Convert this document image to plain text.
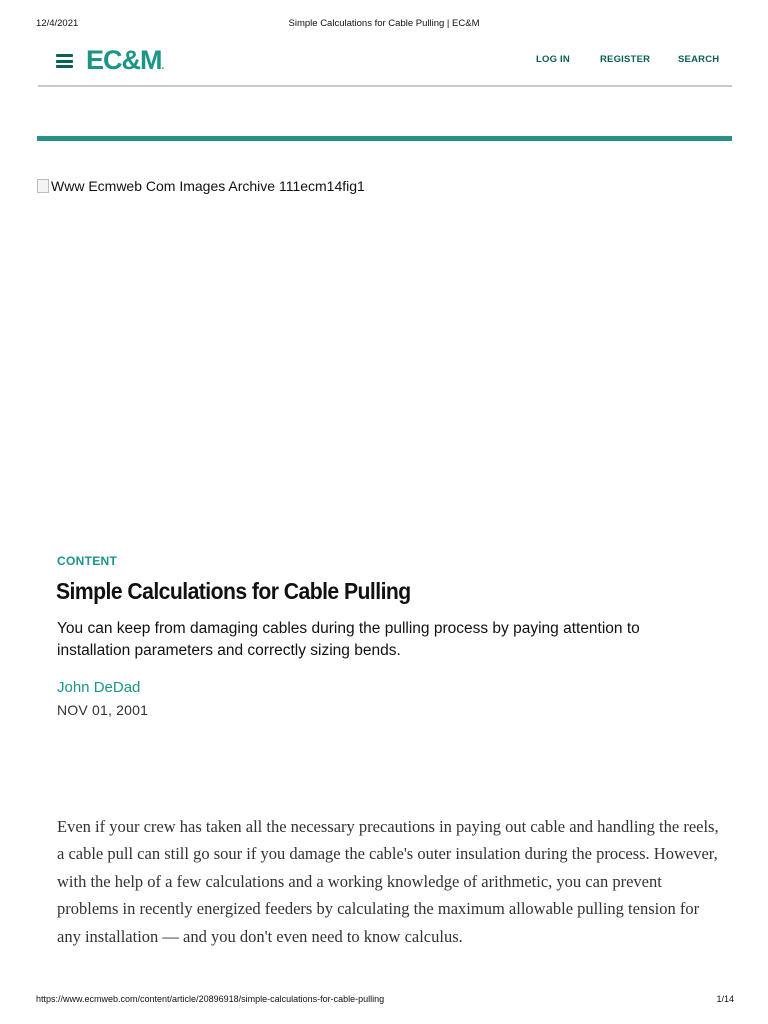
12/4/2021	Simple Calculations for Cable Pulling | EC&M
EC&M.
LOG IN	REGISTER	SEARCH
Www Ecmweb Com Images Archive 111ecm14fig1
CONTENT
Simple Calculations for Cable Pulling

You can keep from damaging cables during the pulling process by paying attention to installation parameters and correctly sizing bends.

John DeDad
NOV 01, 2001

Even if your crew has taken all the necessary precautions in paying out cable and handling the reels, a cable pull can still go sour if you damage the cable's outer insulation during the process. However, with the help of a few calculations and a working knowledge of arithmetic, you can prevent problems in recently energized feeders by calculating the maximum allowable pulling tension for any installation — and you don't even need to know calculus.

https://www.ecmweb.com/content/article/20896918/simple-calculations-for-cable-pulling	1/14
